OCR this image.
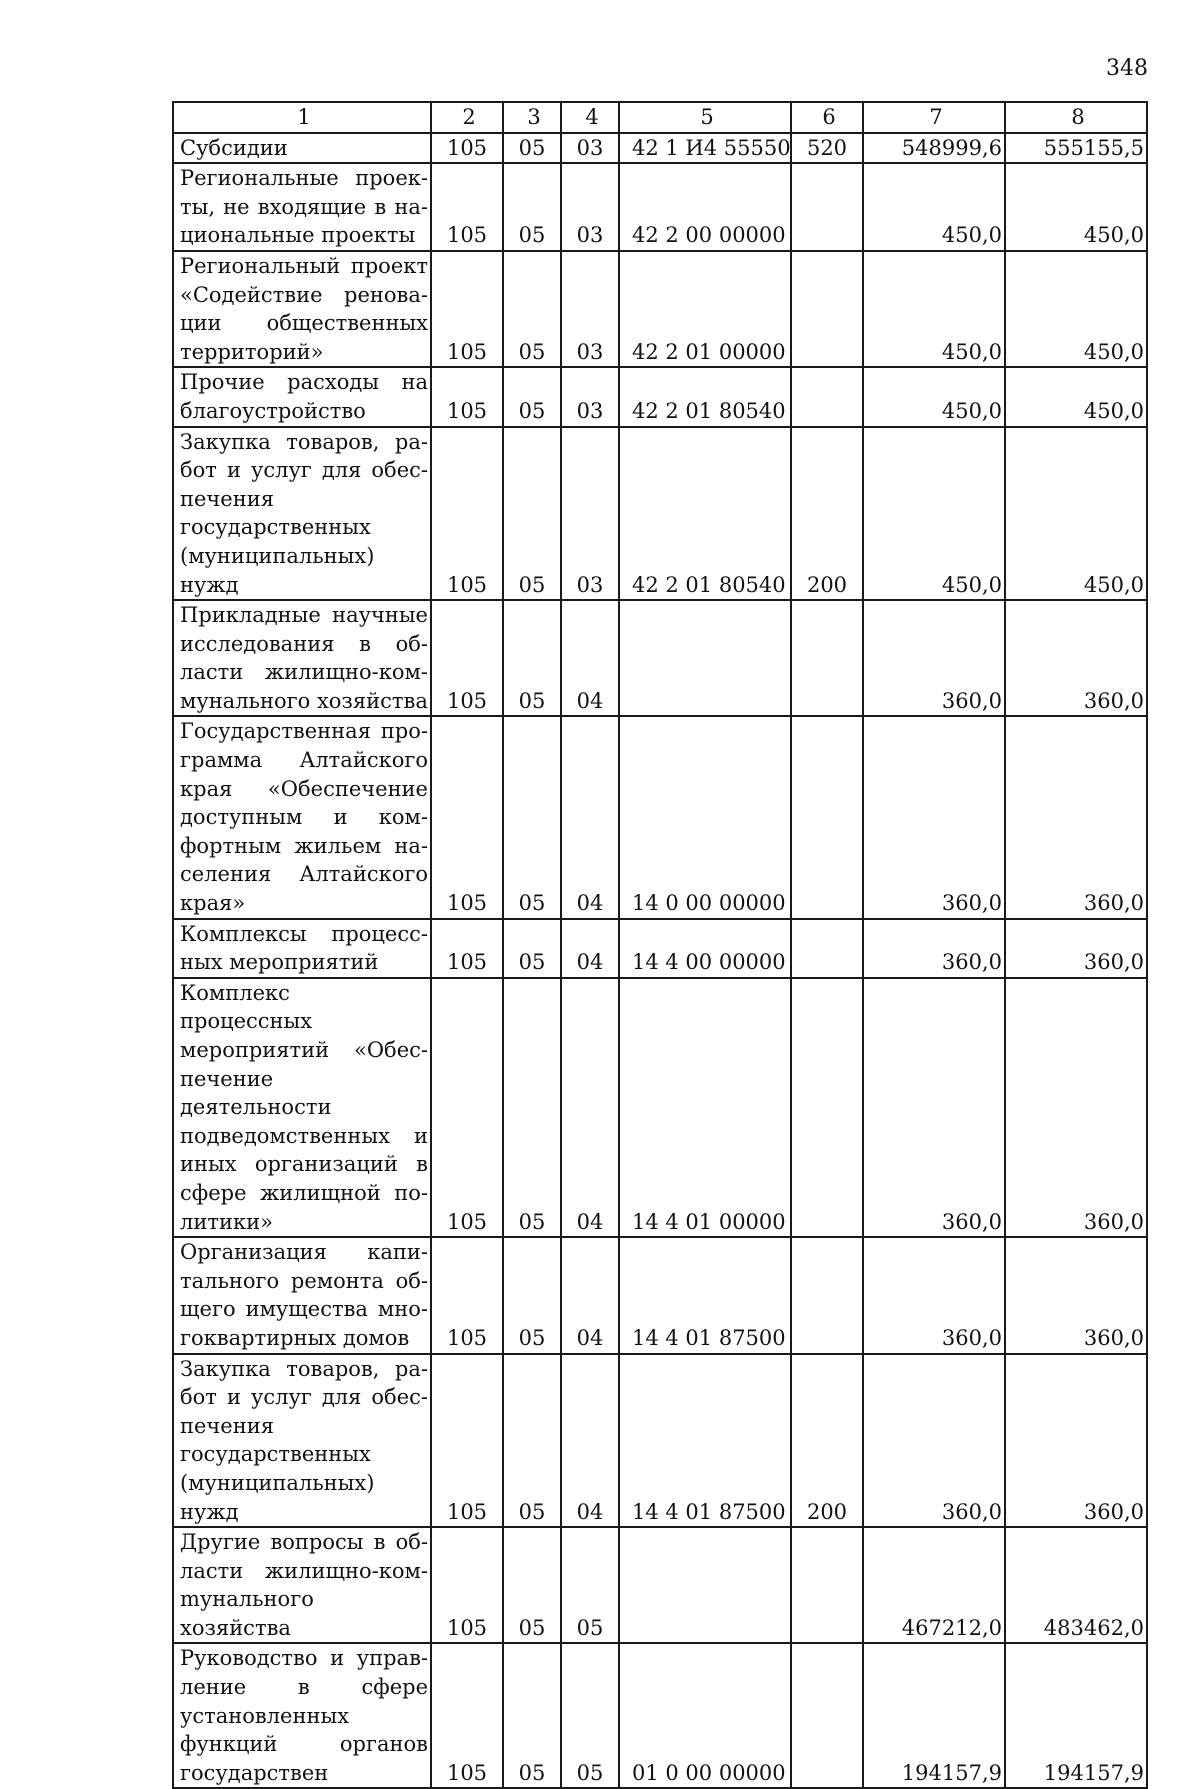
348
1	2	3	4	5	6	7	8
Субсидии	105	05	03	42 1 И4 55550	520	548999,6	555155,5
Региональные проекты, не входящие в национальные проекты	105	05	03	42 2 00 00000		450,0	450,0
Региональный проект «Содействие реновации общественных территорий»	105	05	03	42 2 01 00000		450,0	450,0
Прочие расходы на благоустройство	105	05	03	42 2 01 80540		450,0	450,0
Закупка товаров, работ и услуг для обеспечения государственных (муниципальных) нужд	105	05	03	42 2 01 80540	200	450,0	450,0
Прикладные научные исследования в области жилищно-коммунального хозяйства	105	05	04			360,0	360,0
Государственная программа Алтайского края «Обеспечение доступным и комфортным жильем населения Алтайского края»	105	05	04	14 0 00 00000		360,0	360,0
Комплексы процессных мероприятий	105	05	04	14 4 00 00000		360,0	360,0
Комплекс процессных мероприятий «Обеспечение деятельности подведомственных и иных организаций в сфере жилищной политики»	105	05	04	14 4 01 00000		360,0	360,0
Организация капитального ремонта общего имущества многоквартирных домов	105	05	04	14 4 01 87500		360,0	360,0
Закупка товаров, работ и услуг для обеспечения государственных (муниципальных) нужд	105	05	04	14 4 01 87500	200	360,0	360,0
Другие вопросы в области жилищно-комmунального хозяйства	105	05	05			467212,0	483462,0
Руководство и управление в сфере установленных функций органов государствен	105	05	05	01 0 00 00000		194157,9	194157,9
